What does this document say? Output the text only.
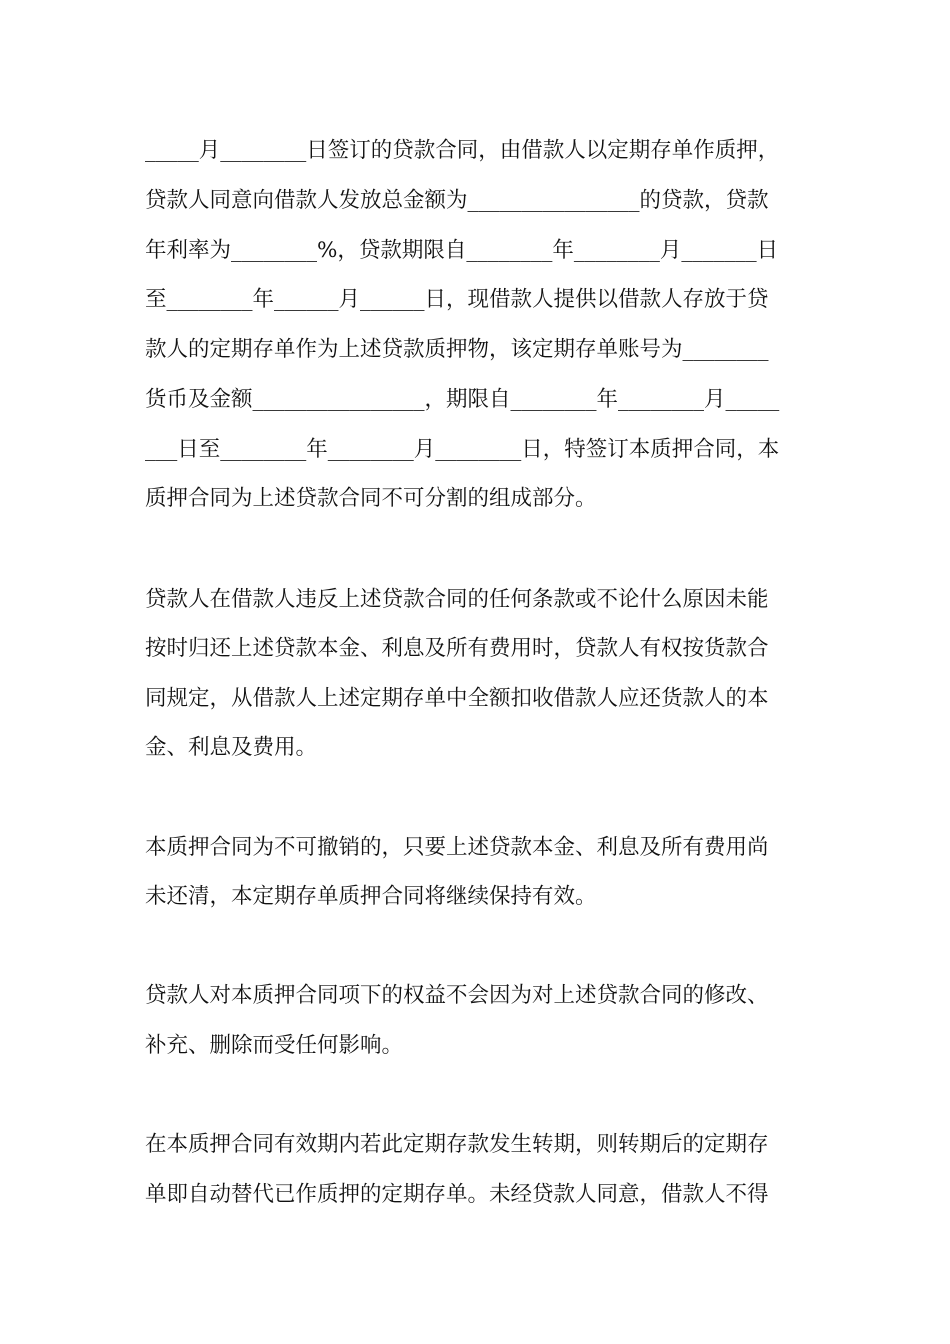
_____月________日签订的贷款合同，由借款人以定期存单作质押，
贷款人同意向借款人发放总金额为________________的贷款，贷款
年利率为________%，贷款期限自________年________月_______日
至________年______月______日，现借款人提供以借款人存放于贷
款人的定期存单作为上述贷款质押物，该定期存单账号为________
货币及金额________________，期限自________年________月_____
___日至________年________月________日，特签订本质押合同，本
质押合同为上述贷款合同不可分割的组成部分。
贷款人在借款人违反上述贷款合同的任何条款或不论什么原因未能
按时归还上述贷款本金、利息及所有费用时，贷款人有权按货款合
同规定，从借款人上述定期存单中全额扣收借款人应还货款人的本
金、利息及费用。
本质押合同为不可撤销的，只要上述贷款本金、利息及所有费用尚
未还清，本定期存单质押合同将继续保持有效。
贷款人对本质押合同项下的权益不会因为对上述贷款合同的修改、
补充、删除而受任何影响。
在本质押合同有效期内若此定期存款发生转期，则转期后的定期存
单即自动替代已作质押的定期存单。未经贷款人同意，借款人不得
